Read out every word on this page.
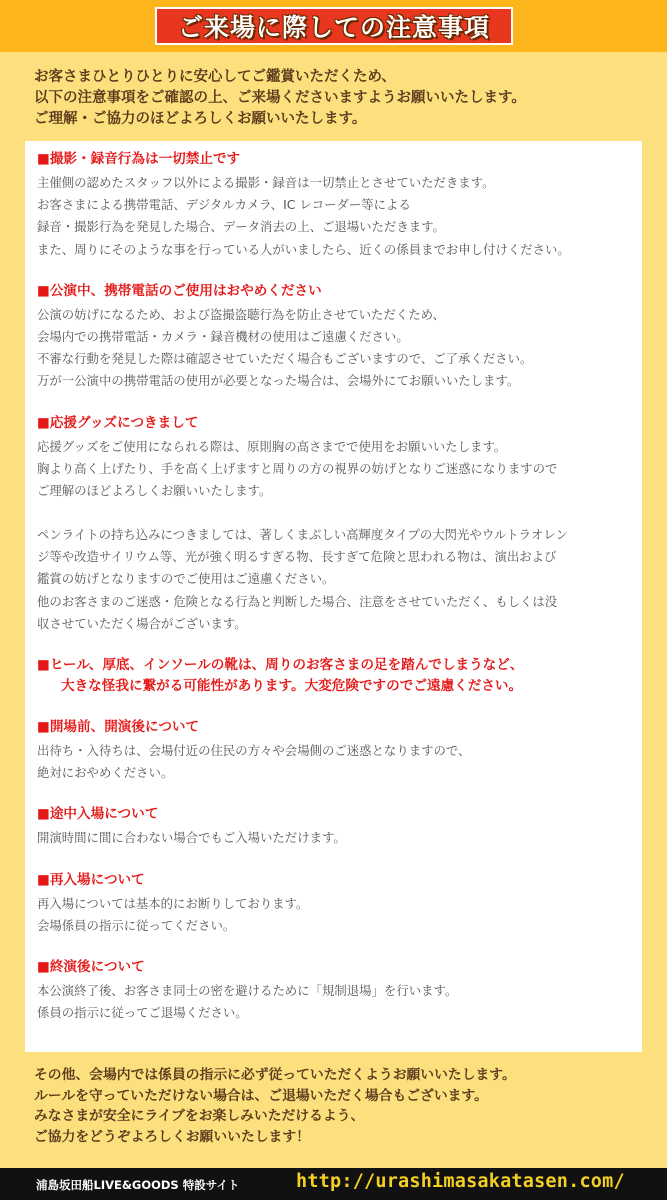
ご来場に際しての注意事項
お客さまひとりひとりに安心してご鑑賞いただくため、
以下の注意事項をご確認の上、ご来場くださいますようお願いいたします。
ご理解・ご協力のほどよろしくお願いいたします。
■撮影・録音行為は一切禁止です
主催側の認めたスタッフ以外による撮影・録音は一切禁止とさせていただきます。
お客さまによる携帯電話、デジタルカメラ、IC レコーダー等による
録音・撮影行為を発見した場合、データ消去の上、ご退場いただきます。
また、周りにそのような事を行っている人がいましたら、近くの係員までお申し付けください。
■公演中、携帯電話のご使用はおやめください
公演の妨げになるため、および盗撮盗聴行為を防止させていただくため、
会場内での携帯電話・カメラ・録音機材の使用はご遠慮ください。
不審な行動を発見した際は確認させていただく場合もございますので、ご了承ください。
万が一公演中の携帯電話の使用が必要となった場合は、会場外にてお願いいたします。
■応援グッズにつきまして
応援グッズをご使用になられる際は、原則胸の高さまでで使用をお願いいたします。
胸より高く上げたり、手を高く上げますと周りの方の視界の妨げとなりご迷惑になりますので
ご理解のほどよろしくお願いいたします。
ペンライトの持ち込みにつきましては、著しくまぶしい高輝度タイプの大閃光やウルトラオレン
ジ等や改造サイリウム等、光が強く明るすぎる物、長すぎて危険と思われる物は、演出および
鑑賞の妨げとなりますのでご使用はご遠慮ください。
他のお客さまのご迷惑・危険となる行為と判断した場合、注意をさせていただく、もしくは没
収させていただく場合がございます。
■ヒール、厚底、インソールの靴は、周りのお客さまの足を踏んでしまうなど、
大きな怪我に繋がる可能性があります。大変危険ですのでご遠慮ください。
■開場前、開演後について
出待ち・入待ちは、会場付近の住民の方々や会場側のご迷惑となりますので、
絶対におやめください。
■途中入場について
開演時間に間に合わない場合でもご入場いただけます。
■再入場について
再入場については基本的にお断りしております。
会場係員の指示に従ってください。
■終演後について
本公演終了後、お客さま同士の密を避けるために「規制退場」を行います。
係員の指示に従ってご退場ください。
その他、会場内では係員の指示に必ず従っていただくようお願いいたします。
ルールを守っていただけない場合は、ご退場いただく場合もございます。
みなさまが安全にライブをお楽しみいただけるよう、
ご協力をどうぞよろしくお願いいたします！
浦島坂田船LIVE&GOODS 特設サイト	http://urashimasakatasen.com/
